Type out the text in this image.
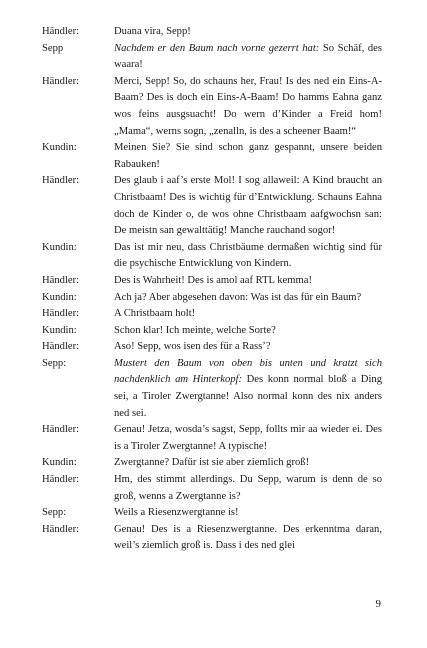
Händler:	Duana vira, Sepp!
Sepp	Nachdem er den Baum nach vorne gezerrt hat: So Schäf, des waara!
Händler:	Merci, Sepp! So, do schauns her, Frau! Is des ned ein Eins-A-Baam? Des is doch ein Eins-A-Baam! Do hamms Eahna ganz wos feins ausgsuacht! Do wern d’Kinder a Freid hom! „Mama“, werns sogn, „zenalln, is des a scheener Baam!“
Kundin:	Meinen Sie? Sie sind schon ganz gespannt, unsere beiden Rabauken!
Händler:	Des glaub i aaf’s erste Mol! I sog allaweil: A Kind braucht an Christbaam! Des is wichtig für d’Entwicklung. Schauns Eahna doch de Kinder o, de wos ohne Christbaam aafgwochsn san: De meistn san gewalttätig! Manche rauchand sogor!
Kundin:	Das ist mir neu, dass Christbäume dermaßen wichtig sind für die psychische Entwicklung von Kindern.
Händler:	Des is Wahrheit! Des is amol aaf RTL kemma!
Kundin:	Ach ja? Aber abgesehen davon: Was ist das für ein Baum?
Händler:	A Christbaam holt!
Kundin:	Schon klar! Ich meinte, welche Sorte?
Händler:	Aso! Sepp, wos isen des für a Rass’?
Sepp:	Mustert den Baum von oben bis unten und kratzt sich nachdenklich am Hinterkopf: Des konn normal bloß a Ding sei, a Tiroler Zwergtanne! Also normal konn des nix anders ned sei.
Händler:	Genau! Jetza, wosda’s sagst, Sepp, follts mir aa wieder ei. Des is a Tiroler Zwergtanne! A typische!
Kundin:	Zwergtanne? Dafür ist sie aber ziemlich groß!
Händler:	Hm, des stimmt allerdings. Du Sepp, warum is denn de so groß, wenns a Zwergtanne is?
Sepp:	Weils a Riesenzwergtanne is!
Händler:	Genau! Des is a Riesenzwergtanne. Des erkenntma daran, weil’s ziemlich groß is. Dass i des ned glei
9
